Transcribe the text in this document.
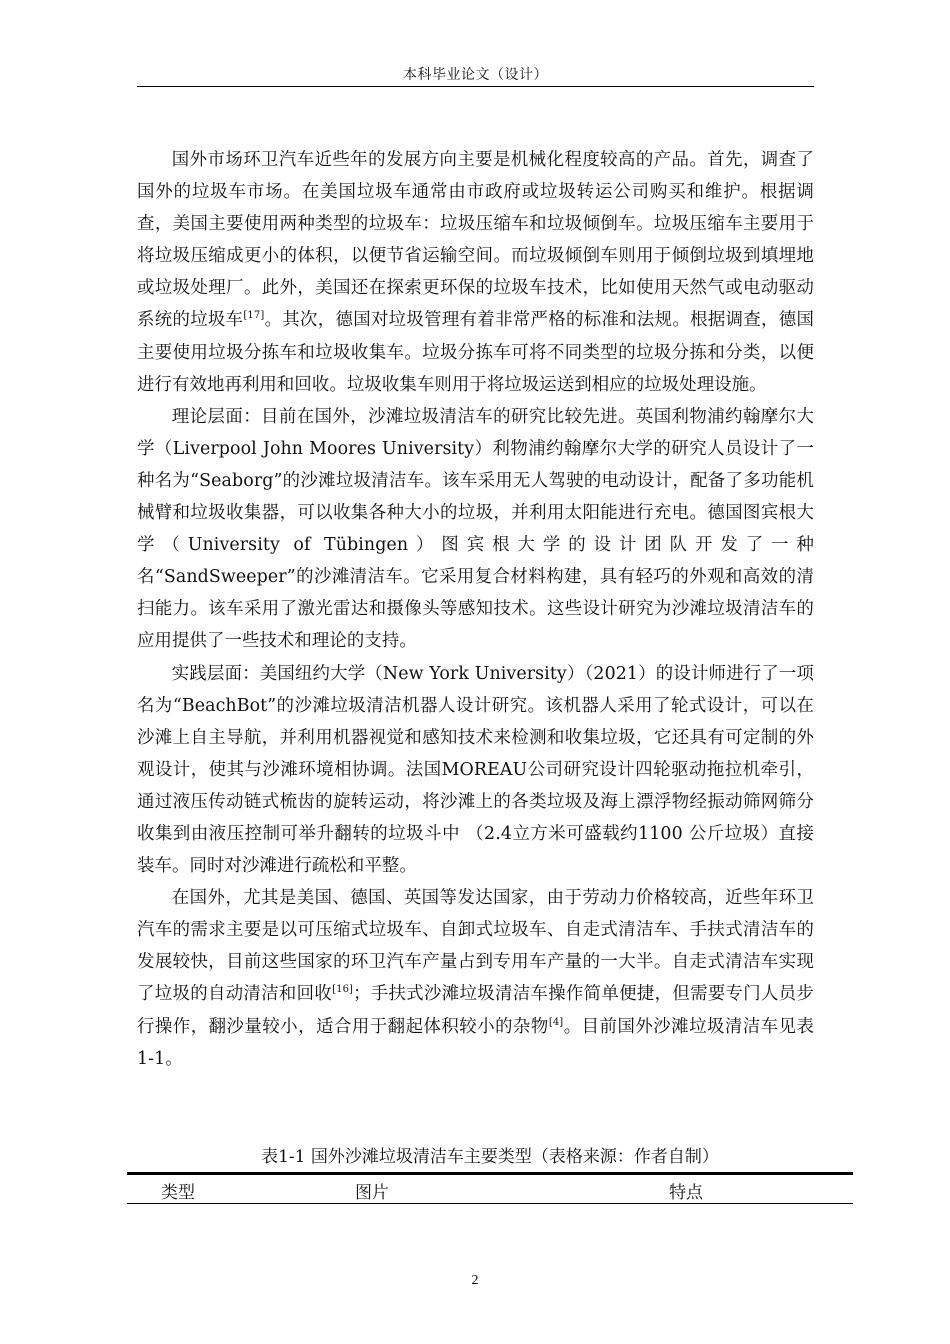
本科毕业论文（设计）

国外市场环卫汽车近些年的发展方向主要是机械化程度较高的产品。首先，调查了国外的垃圾车市场。在美国垃圾车通常由市政府或垃圾转运公司购买和维护。根据调查，美国主要使用两种类型的垃圾车：垃圾压缩车和垃圾倾倒车。垃圾压缩车主要用于将垃圾压缩成更小的体积，以便节省运输空间。而垃圾倾倒车则用于倾倒垃圾到填埋地或垃圾处理厂。此外，美国还在探索更环保的垃圾车技术，比如使用天然气或电动驱动系统的垃圾车[17]。其次，德国对垃圾管理有着非常严格的标准和法规。根据调查，德国主要使用垃圾分拣车和垃圾收集车。垃圾分拣车可将不同类型的垃圾分拣和分类，以便进行有效地再利用和回收。垃圾收集车则用于将垃圾运送到相应的垃圾处理设施。

理论层面：目前在国外，沙滩垃圾清洁车的研究比较先进。英国利物浦约翰摩尔大学（Liverpool John Moores University）利物浦约翰摩尔大学的研究人员设计了一种名为“Seaborg”的沙滩垃圾清洁车。该车采用无人驾驶的电动设计，配备了多功能机械臂和垃圾收集器，可以收集各种大小的垃圾，并利用太阳能进行充电。德国图宾根大学（University of Tübingen）图宾根大学的设计团队开发了一种名“SandSweeper”的沙滩清洁车。它采用复合材料构建，具有轻巧的外观和高效的清扫能力。该车采用了激光雷达和摄像头等感知技术。这些设计研究为沙滩垃圾清洁车的应用提供了一些技术和理论的支持。

实践层面：美国纽约大学（New York University）（2021）的设计师进行了一项名为“BeachBot”的沙滩垃圾清洁机器人设计研究。该机器人采用了轮式设计，可以在沙滩上自主导航，并利用机器视觉和感知技术来检测和收集垃圾，它还具有可定制的外观设计，使其与沙滩环境相协调。法国MOREAU公司研究设计四轮驱动拖拉机牵引，通过液压传动链式梳齿的旋转运动，将沙滩上的各类垃圾及海上漂浮物经振动筛网筛分收集到由液压控制可举升翻转的垃圾斗中 （2.4立方米可盛载约1100 公斤垃圾）直接装车。同时对沙滩进行疏松和平整。

在国外，尤其是美国、德国、英国等发达国家，由于劳动力价格较高，近些年环卫汽车的需求主要是以可压缩式垃圾车、自卸式垃圾车、自走式清洁车、手扶式清洁车的发展较快，目前这些国家的环卫汽车产量占到专用车产量的一大半。自走式清洁车实现了垃圾的自动清洁和回收[16]；手扶式沙滩垃圾清洁车操作简单便捷，但需要专门人员步行操作，翻沙量较小，适合用于翻起体积较小的杂物[4]。目前国外沙滩垃圾清洁车见表1-1。

表1-1 国外沙滩垃圾清洁车主要类型（表格来源：作者自制）
类型	图片	特点
2
